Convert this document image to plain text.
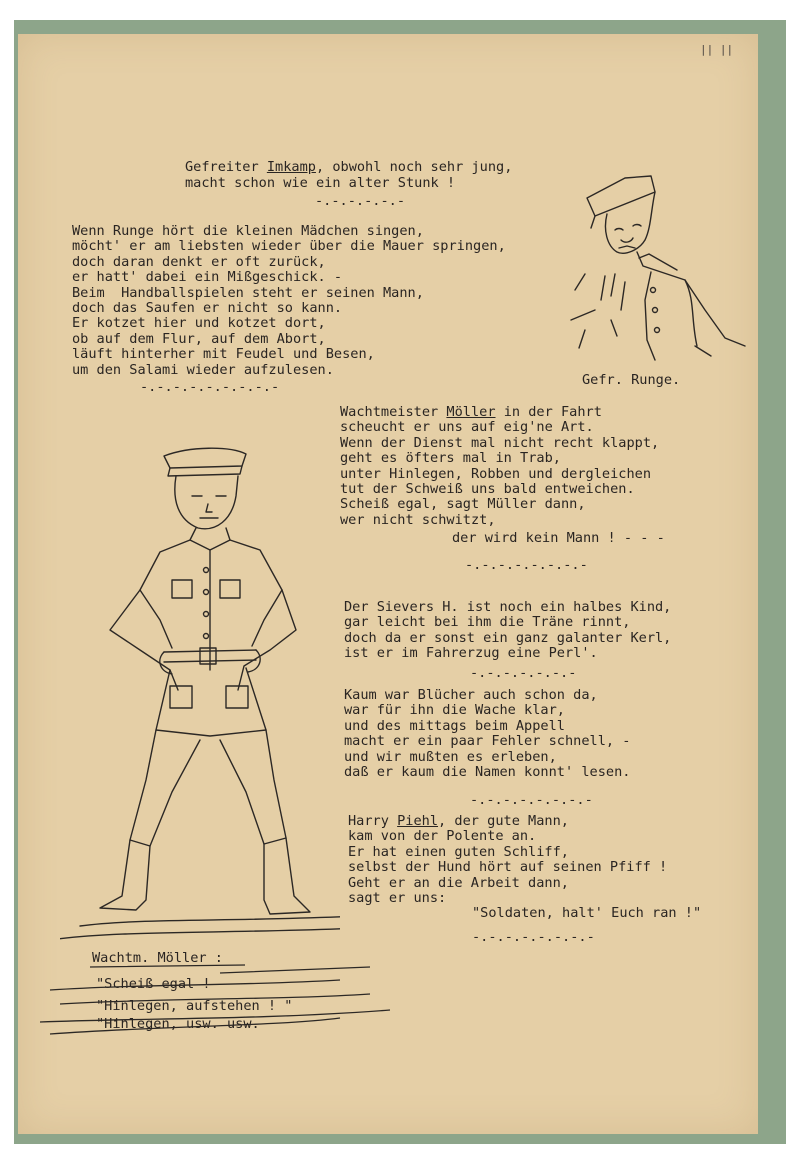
|| ||

Gefreiter Imkamp, obwohl noch sehr jung,

macht schon wie ein alter Stunk !

-.-.-.-.-.-

Wenn Runge hört die kleinen Mädchen singen,

möcht' er am liebsten wieder über die Mauer springen,

doch daran denkt er oft zurück,

er hatt' dabei ein Mißgeschick. -

Beim  Handballspielen steht er seinen Mann,

doch das Saufen er nicht so kann.

Er kotzet hier und kotzet dort,

ob auf dem Flur, auf dem Abort,

läuft hinterher mit Feudel und Besen,

um den Salami wieder aufzulesen.

-.-.-.-.-.-.-.-.-	Gefr. Runge.

Wachtmeister Möller in der Fahrt

scheucht er uns auf eig'ne Art.

Wenn der Dienst mal nicht recht klappt,

geht es öfters mal in Trab,

unter Hinlegen, Robben und dergleichen

tut der Schweiß uns bald entweichen.

Scheiß egal, sagt Müller dann,

wer nicht schwitzt,

der wird kein Mann ! - - -

-.-.-.-.-.-.-.-

Der Sievers H. ist noch ein halbes Kind,

gar leicht bei ihm die Träne rinnt,

doch da er sonst ein ganz galanter Kerl,

ist er im Fahrerzug eine Perl'.

-.-.-.-.-.-.-

Kaum war Blücher auch schon da,

war für ihn die Wache klar,

und des mittags beim Appell

macht er ein paar Fehler schnell, -

und wir mußten es erleben,

daß er kaum die Namen konnt' lesen.

-.-.-.-.-.-.-.-

Harry Piehl, der gute Mann,

kam von der Polente an.

Er hat einen guten Schliff,

selbst der Hund hört auf seinen Pfiff !

Geht er an die Arbeit dann,

sagt er uns:

"Soldaten, halt' Euch ran !"

-.-.-.-.-.-.-.-

Wachtm. Möller :

"Scheiß egal !

"Hinlegen, aufstehen ! "

"Hinlegen, usw. usw.
